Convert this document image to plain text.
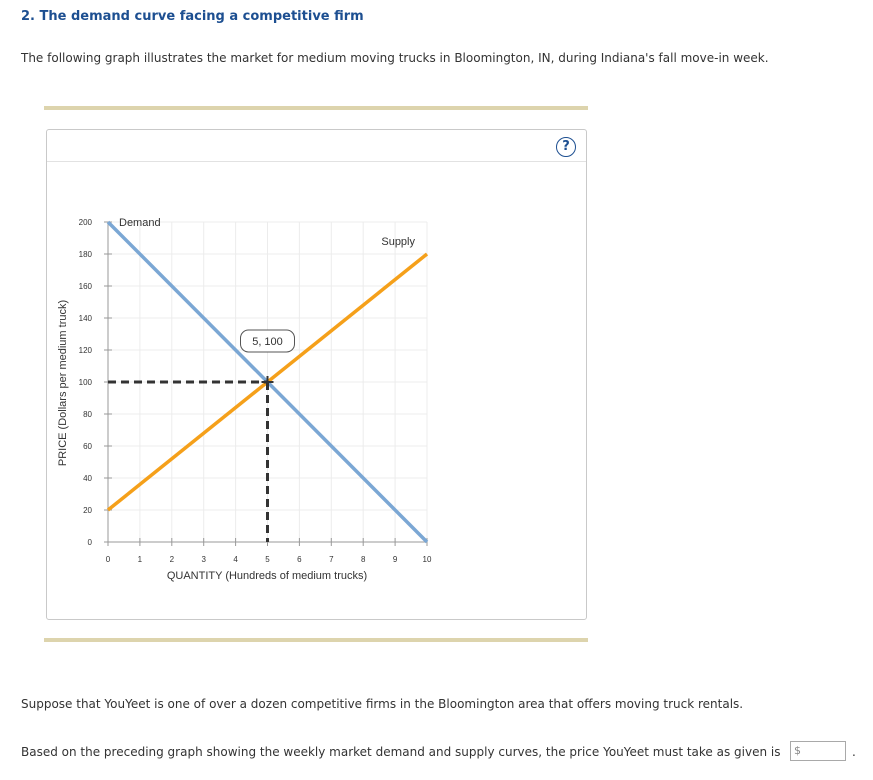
2. The demand curve facing a competitive firm

The following graph illustrates the market for medium moving trucks in Bloomington, IN, during Indiana's fall move-in week.

?
0	1	2	3	4	5	6	7	8	9	10
0
20
40
60
80
100
120
140
160
180
200 Demand
Supply
5, 100
QUANTITY (Hundreds of medium trucks)
PRICE (Dollars per medium truck)

Suppose that YouYeet is one of over a dozen competitive firms in the Bloomington area that offers moving truck rentals.

Based on the preceding graph showing the weekly market demand and supply curves, the price YouYeet must take as given is	$	.
